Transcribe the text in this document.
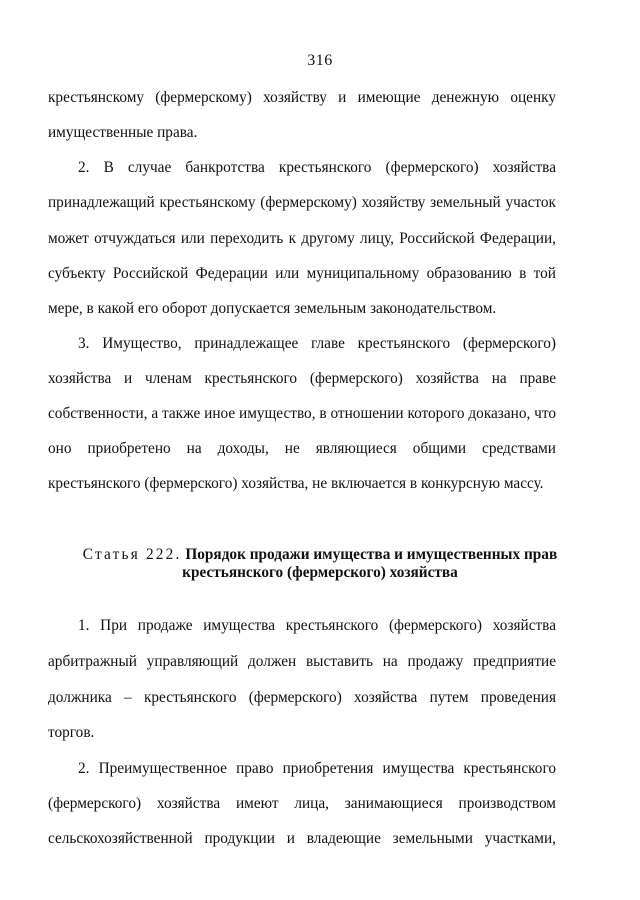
316
крестьянскому (фермерскому) хозяйству и имеющие денежную оценку
имущественные права.
2. В случае банкротства крестьянского (фермерского) хозяйства
принадлежащий крестьянскому (фермерскому) хозяйству земельный участок
может отчуждаться или переходить к другому лицу, Российской Федерации,
субъекту Российской Федерации или муниципальному образованию в той
мере, в какой его оборот допускается земельным законодательством.
3. Имущество, принадлежащее главе крестьянского (фермерского)
хозяйства и членам крестьянского (фермерского) хозяйства на праве
собственности, а также иное имущество, в отношении которого доказано, что
оно приобретено на доходы, не являющиеся общими средствами
крестьянского (фермерского) хозяйства, не включается в конкурсную массу.
Статья 222. Порядок продажи имущества и имущественных прав
крестьянского (фермерского) хозяйства
1. При продаже имущества крестьянского (фермерского) хозяйства
арбитражный управляющий должен выставить на продажу предприятие
должника – крестьянского (фермерского) хозяйства путем проведения
торгов.
2. Преимущественное право приобретения имущества крестьянского
(фермерского) хозяйства имеют лица, занимающиеся производством
сельскохозяйственной продукции и владеющие земельными участками,
